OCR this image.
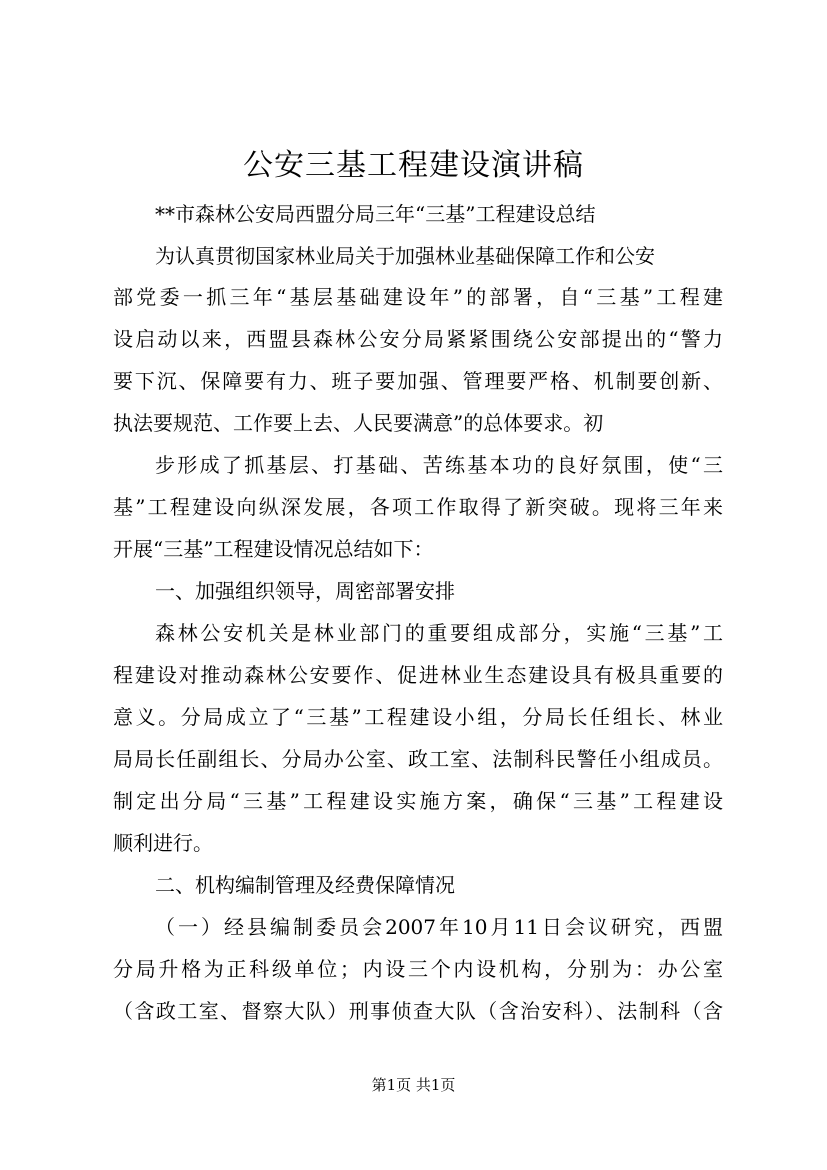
公安三基工程建设演讲稿
**市森林公安局西盟分局三年“三基”工程建设总结
为认真贯彻国家林业局关于加强林业基础保障工作和公安
部党委一抓三年“基层基础建设年”的部署，自“三基”工程建
设启动以来，西盟县森林公安分局紧紧围绕公安部提出的“警力
要下沉、保障要有力、班子要加强、管理要严格、机制要创新、
执法要规范、工作要上去、人民要满意”的总体要求。初
步形成了抓基层、打基础、苦练基本功的良好氛围，使“三
基”工程建设向纵深发展，各项工作取得了新突破。现将三年来
开展“三基”工程建设情况总结如下：
一、加强组织领导，周密部署安排
森林公安机关是林业部门的重要组成部分，实施“三基”工
程建设对推动森林公安要作、促进林业生态建设具有极具重要的
意义。分局成立了“三基”工程建设小组，分局长任组长、林业
局局长任副组长、分局办公室、政工室、法制科民警任小组成员。
制定出分局“三基”工程建设实施方案，确保“三基”工程建设
顺利进行。
二、机构编制管理及经费保障情况
（一）经县编制委员会2007年10月11日会议研究，西盟
分局升格为正科级单位；内设三个内设机构，分别为：办公室
（含政工室、督察大队）刑事侦查大队（含治安科）、法制科（含
第1页 共1页
